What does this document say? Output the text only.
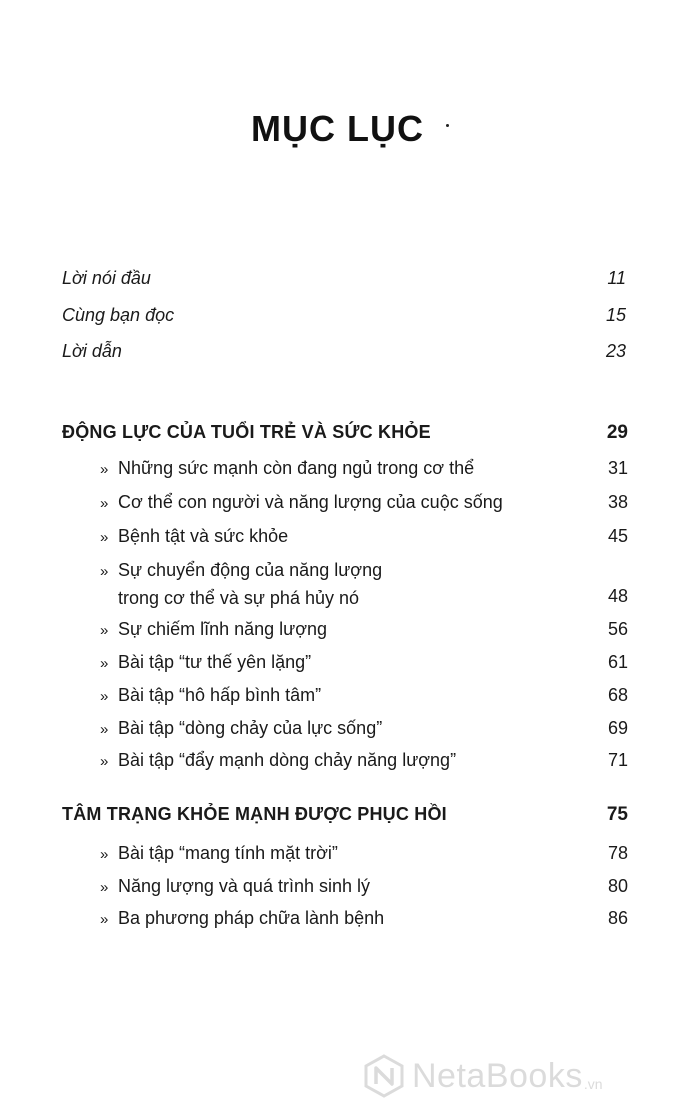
MỤC LỤC
Lời nói đầu	11
Cùng bạn đọc	15
Lời dẫn	23
ĐỘNG LỰC CỦA TUỔI TRẺ VÀ SỨC KHỎE	29
» Những sức mạnh còn đang ngủ trong cơ thể	31
» Cơ thể con người và năng lượng của cuộc sống	38
» Bệnh tật và sức khỏe	45
» Sự chuyển động của năng lượng
trong cơ thể và sự phá hủy nó	48
» Sự chiếm lĩnh năng lượng	56
» Bài tập “tư thế yên lặng”	61
» Bài tập “hô hấp bình tâm”	68
» Bài tập “dòng chảy của lực sống”	69
» Bài tập “đẩy mạnh dòng chảy năng lượng”	71
TÂM TRẠNG KHỎE MẠNH ĐƯỢC PHỤC HỒI	75
» Bài tập “mang tính mặt trời”	78
» Năng lượng và quá trình sinh lý	80
» Ba phương pháp chữa lành bệnh	86
NetaBooks .vn
